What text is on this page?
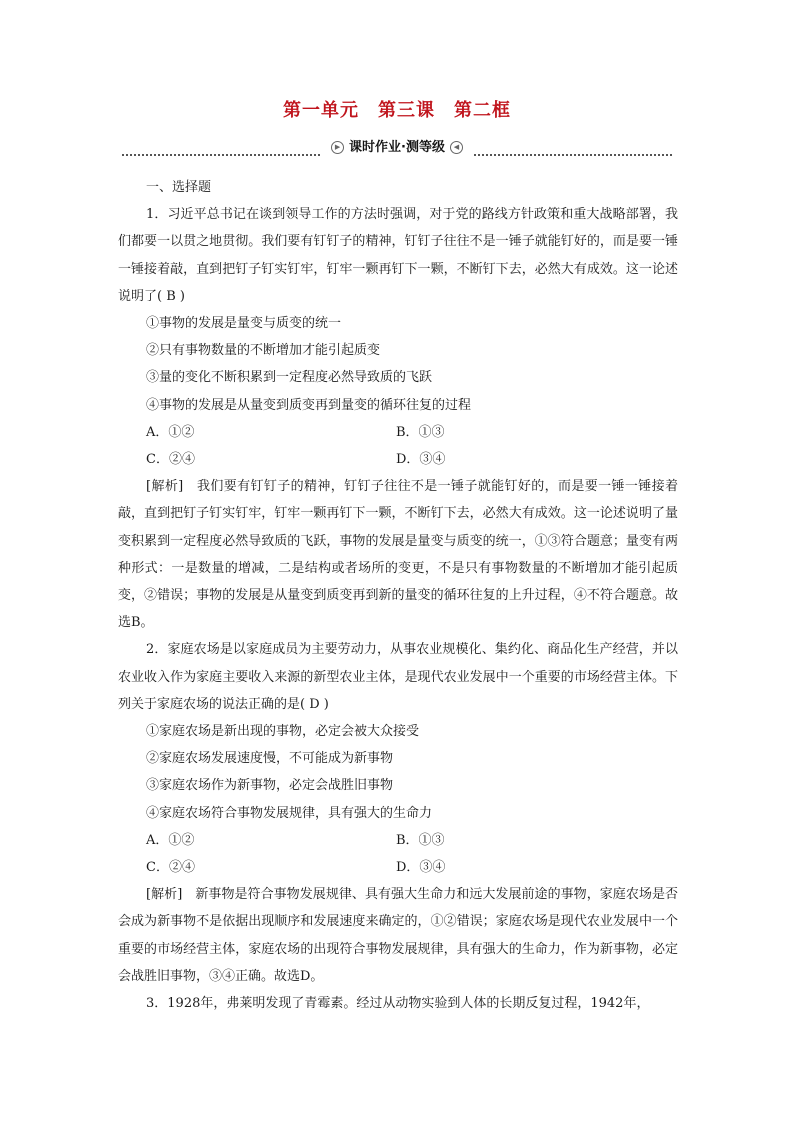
第一单元　第三课　第二框
▶ 课时作业·测等级 ◀

一、选择题

1．习近平总书记在谈到领导工作的方法时强调，对于党的路线方针政策和重大战略部署，我们都要一以贯之地贯彻。我们要有钉钉子的精神，钉钉子往往不是一锤子就能钉好的，而是要一锤一锤接着敲，直到把钉子钉实钉牢，钉牢一颗再钉下一颗，不断钉下去，必然大有成效。这一论述说明了( B )

①事物的发展是量变与质变的统一

②只有事物数量的不断增加才能引起质变

③量的变化不断积累到一定程度必然导致质的飞跃

④事物的发展是从量变到质变再到量变的循环往复的过程

A．①②	B．①③
C．②④	D．③④

[解析]　我们要有钉钉子的精神，钉钉子往往不是一锤子就能钉好的，而是要一锤一锤接着敲，直到把钉子钉实钉牢，钉牢一颗再钉下一颗，不断钉下去，必然大有成效。这一论述说明了量变积累到一定程度必然导致质的飞跃，事物的发展是量变与质变的统一，①③符合题意；量变有两种形式：一是数量的增减，二是结构或者场所的变更，不是只有事物数量的不断增加才能引起质变，②错误；事物的发展是从量变到质变再到新的量变的循环往复的上升过程，④不符合题意。故选B。

2．家庭农场是以家庭成员为主要劳动力，从事农业规模化、集约化、商品化生产经营，并以农业收入作为家庭主要收入来源的新型农业主体，是现代农业发展中一个重要的市场经营主体。下列关于家庭农场的说法正确的是( D )

①家庭农场是新出现的事物，必定会被大众接受

②家庭农场发展速度慢，不可能成为新事物

③家庭农场作为新事物，必定会战胜旧事物

④家庭农场符合事物发展规律，具有强大的生命力

A．①②	B．①③
C．②④	D．③④

[解析]　新事物是符合事物发展规律、具有强大生命力和远大发展前途的事物，家庭农场是否会成为新事物不是依据出现顺序和发展速度来确定的，①②错误；家庭农场是现代农业发展中一个重要的市场经营主体，家庭农场的出现符合事物发展规律，具有强大的生命力，作为新事物，必定会战胜旧事物，③④正确。故选D。

3．1928年，弗莱明发现了青霉素。经过从动物实验到人体的长期反复过程，1942年，
